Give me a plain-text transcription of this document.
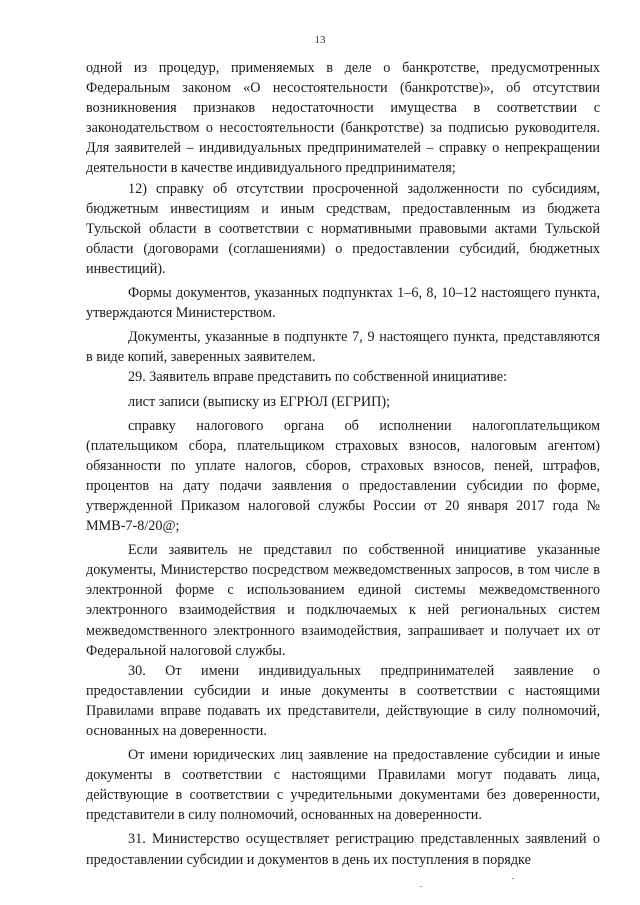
13

одной из процедур, применяемых в деле о банкротстве, предусмотренных Федеральным законом «О несостоятельности (банкротстве)», об отсутствии возникновения признаков недостаточности имущества в соответствии с законодательством о несостоятельности (банкротстве) за подписью руководителя. Для заявителей – индивидуальных предпринимателей – справку о непрекращении деятельности в качестве индивидуального предпринимателя;

12) справку об отсутствии просроченной задолженности по субсидиям, бюджетным инвестициям и иным средствам, предоставленным из бюджета Тульской области в соответствии с нормативными правовыми актами Тульской области (договорами (соглашениями) о предоставлении субсидий, бюджетных инвестиций).

Формы документов, указанных подпунктах 1–6, 8, 10–12 настоящего пункта, утверждаются Министерством.

Документы, указанные в подпункте 7, 9 настоящего пункта, представляются в виде копий, заверенных заявителем.

29. Заявитель вправе представить по собственной инициативе:

лист записи (выписку из ЕГРЮЛ (ЕГРИП);

справку налогового органа об исполнении налогоплательщиком (плательщиком сбора, плательщиком страховых взносов, налоговым агентом) обязанности по уплате налогов, сборов, страховых взносов, пеней, штрафов, процентов на дату подачи заявления о предоставлении субсидии по форме, утвержденной Приказом налоговой службы России от 20 января 2017 года № ММВ-7-8/20@;

Если заявитель не представил по собственной инициативе указанные документы, Министерство посредством межведомственных запросов, в том числе в электронной форме с использованием единой системы межведомственного электронного взаимодействия и подключаемых к ней региональных систем межведомственного электронного взаимодействия, запрашивает и получает их от Федеральной налоговой службы.

30. От имени индивидуальных предпринимателей заявление о предоставлении субсидии и иные документы в соответствии с настоящими Правилами вправе подавать их представители, действующие в силу полномочий, основанных на доверенности.

От имени юридических лиц заявление на предоставление субсидии и иные документы в соответствии с настоящими Правилами могут подавать лица, действующие в соответствии с учредительными документами без доверенности, представители в силу полномочий, основанных на доверенности.

31. Министерство осуществляет регистрацию представленных заявлений о предоставлении субсидии и документов в день их поступления в порядке
